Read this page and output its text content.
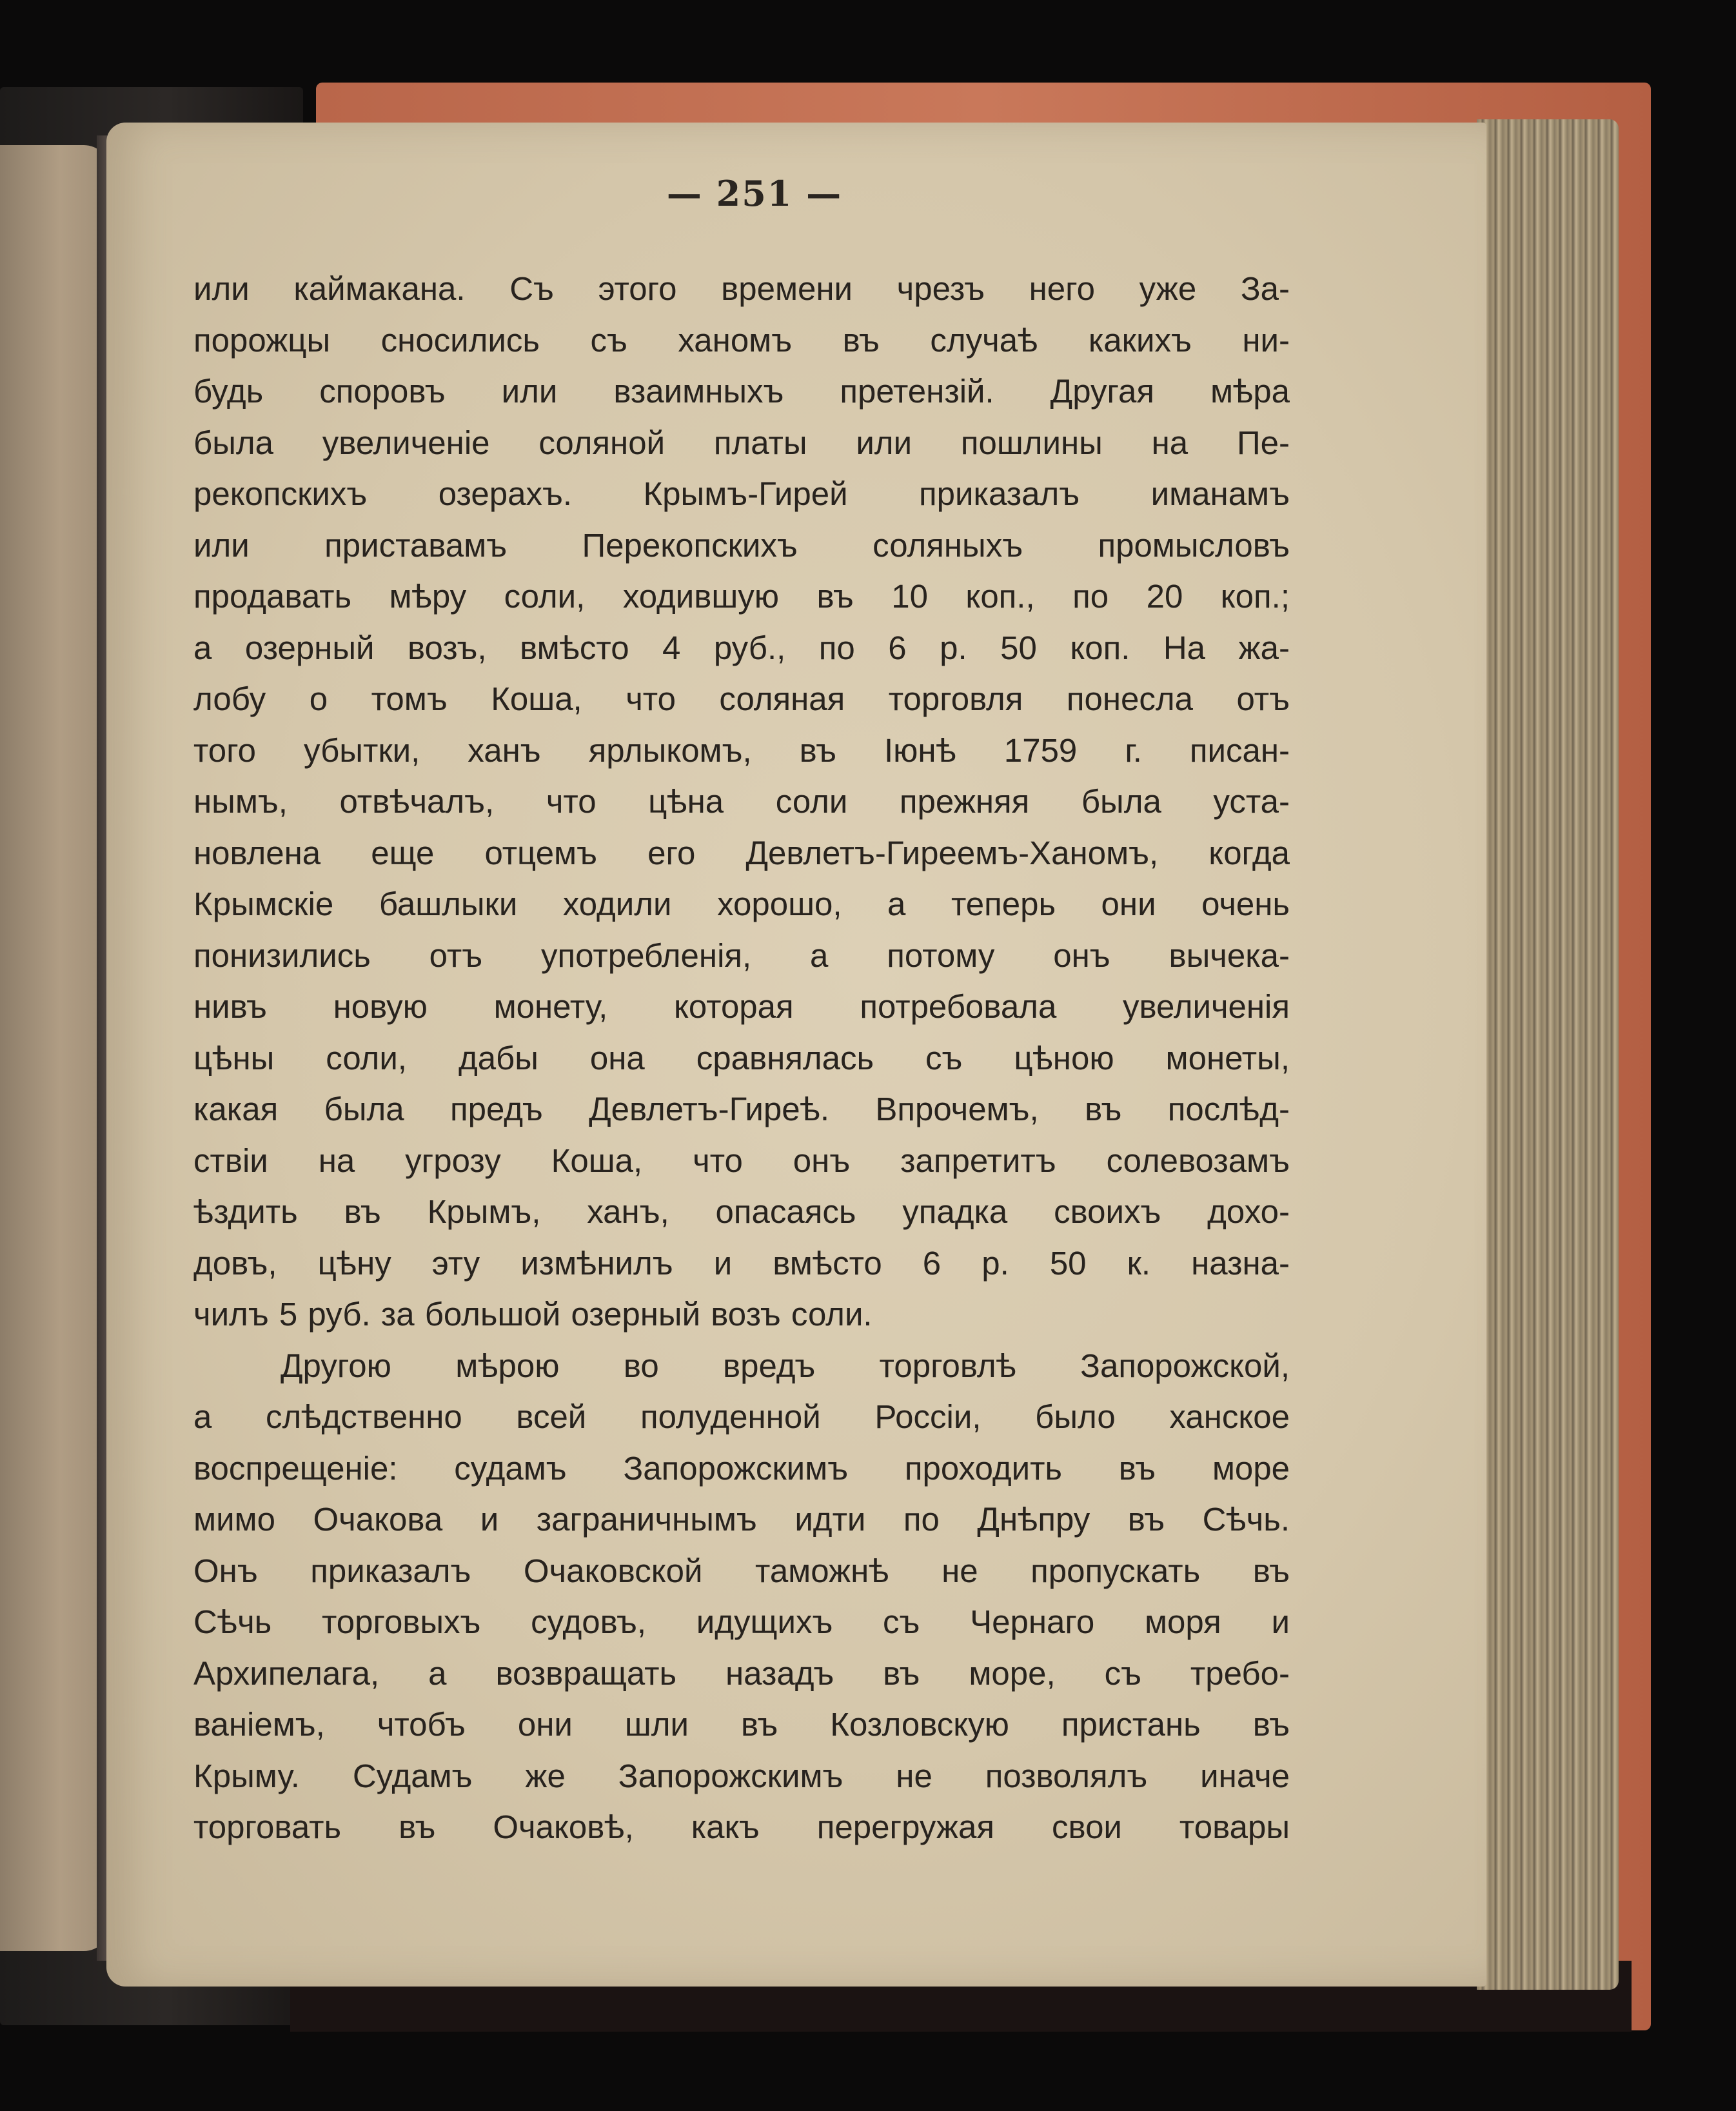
— 251 —
или каймакана. Съ этого времени чрезъ него уже За-
порожцы сносились съ ханомъ въ случаѣ какихъ ни-
будь споровъ или взаимныхъ претензій. Другая мѣра
была увеличеніе соляной платы или пошлины на Пе-
рекопскихъ озерахъ. Крымъ-Гирей приказалъ иманамъ
или приставамъ Перекопскихъ соляныхъ промысловъ
продавать мѣру соли, ходившую въ 10 коп., по 20 коп.;
а озерный возъ, вмѣсто 4 руб., по 6 р. 50 коп. На жа-
лобу о томъ Коша, что соляная торговля понесла отъ
того убытки, ханъ ярлыкомъ, въ Іюнѣ 1759 г. писан-
нымъ, отвѣчалъ, что цѣна соли прежняя была уста-
новлена еще отцемъ его Девлетъ-Гиреемъ-Ханомъ, когда
Крымскіе башлыки ходили хорошо, а теперь они очень
понизились отъ употребленія, а потому онъ вычека-
нивъ новую монету, которая потребовала увеличенія
цѣны соли, дабы она сравнялась съ цѣною монеты,
какая была предъ Девлетъ-Гиреѣ. Впрочемъ, въ послѣд-
ствіи на угрозу Коша, что онъ запретитъ солевозамъ
ѣздить въ Крымъ, ханъ, опасаясь упадка своихъ дохо-
довъ, цѣну эту измѣнилъ и вмѣсто 6 р. 50 к. назна-
чилъ 5 руб. за большой озерный возъ соли.
Другою мѣрою во вредъ торговлѣ Запорожской,
а слѣдственно всей полуденной Россіи, было ханское
воспрещеніе: судамъ Запорожскимъ проходить въ море
мимо Очакова и заграничнымъ идти по Днѣпру въ Сѣчь.
Онъ приказалъ Очаковской таможнѣ не пропускать въ
Сѣчь торговыхъ судовъ, идущихъ съ Чернаго моря и
Архипелага, а возвращать назадъ въ море, съ требо-
ваніемъ, чтобъ они шли въ Козловскую пристань въ
Крыму. Судамъ же Запорожскимъ не позволялъ иначе
торговать въ Очаковѣ, какъ перегружая свои товары
